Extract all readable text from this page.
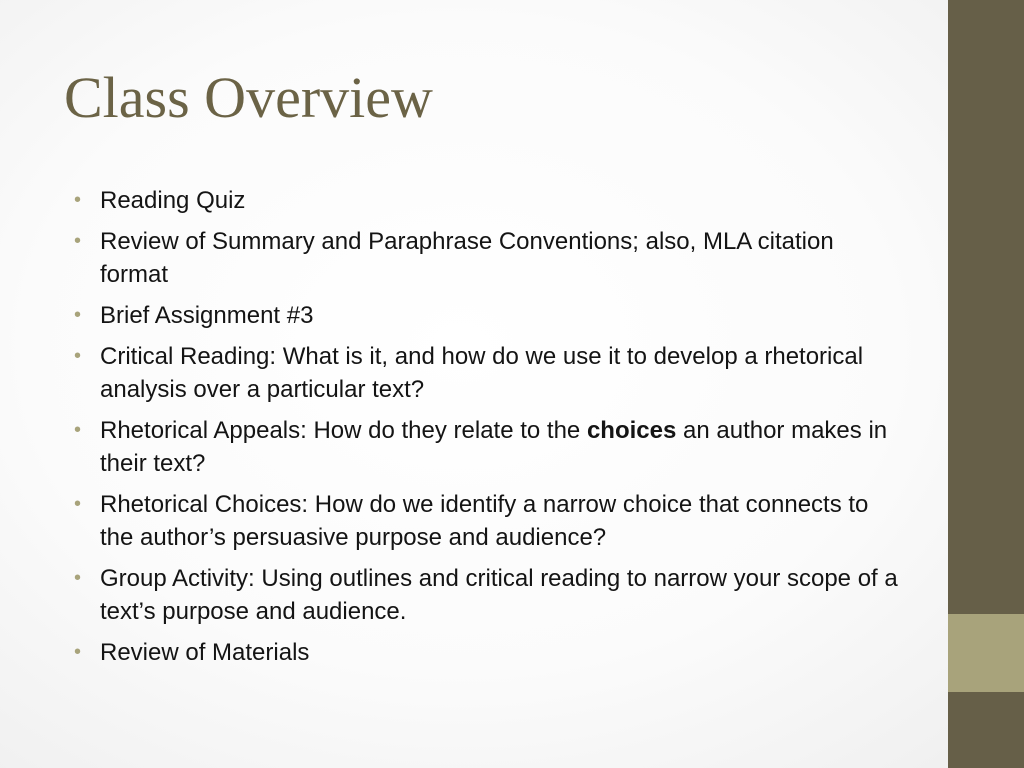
Class Overview
• Reading Quiz
• Review of Summary and Paraphrase Conventions; also, MLA citation format
• Brief Assignment #3
• Critical Reading: What is it, and how do we use it to develop a rhetorical analysis over a particular text?
• Rhetorical Appeals: How do they relate to the choices an author makes in their text?
• Rhetorical Choices: How do we identify a narrow choice that connects to the author’s persuasive purpose and audience?
• Group Activity: Using outlines and critical reading to narrow your scope of a text’s purpose and audience.
• Review of Materials
